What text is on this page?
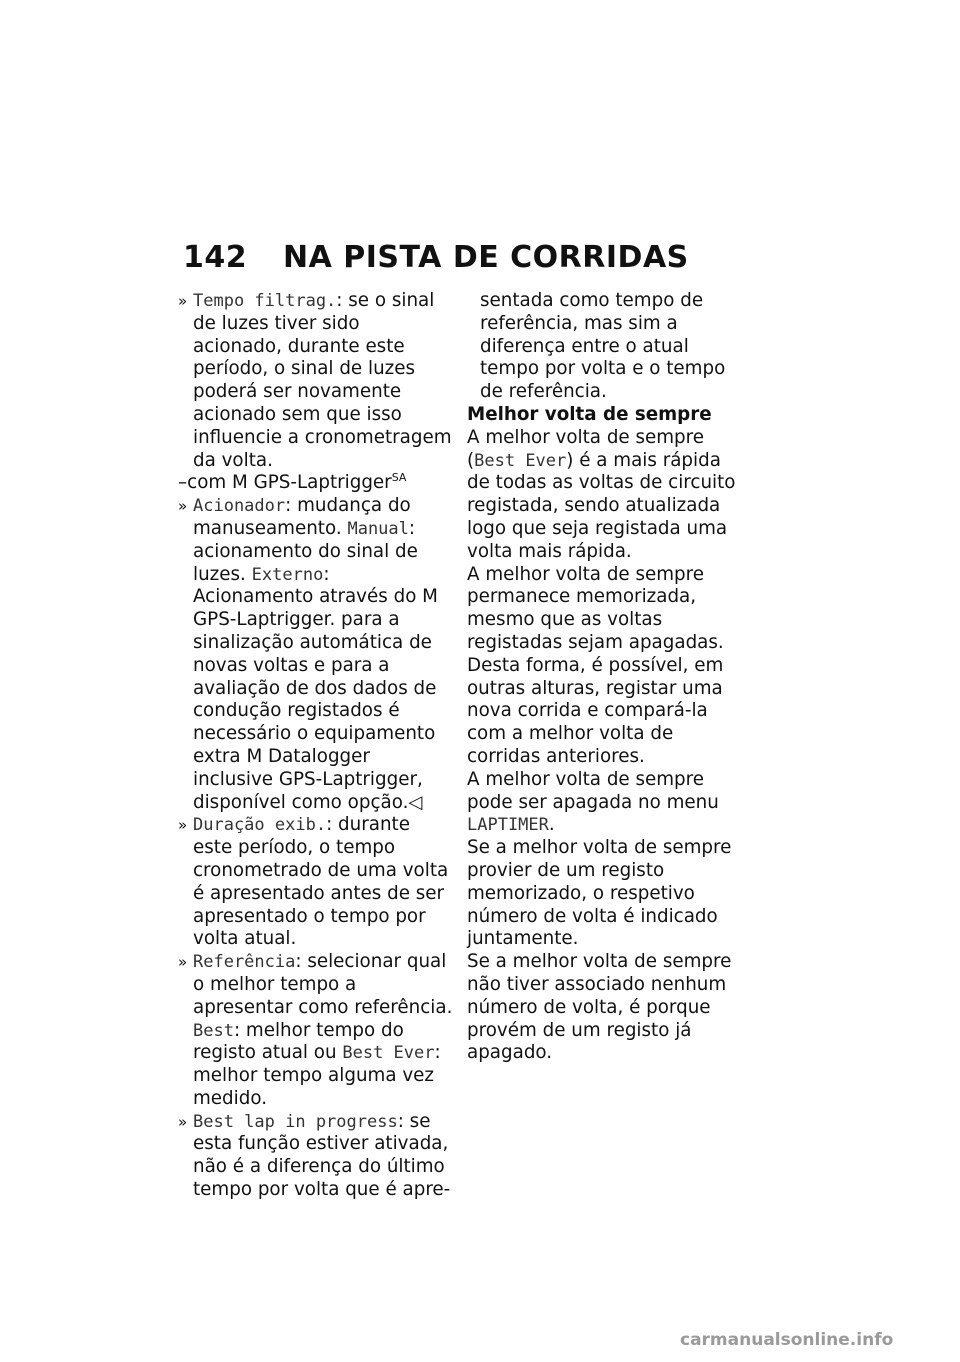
142 NA PISTA DE CORRIDAS
» Tempo filtrag.: se o sinal de luzes tiver sido acionado, durante este período, o sinal de luzes poderá ser novamente acionado sem que isso influencie a cronometragem da volta.
–com M GPS-Laptrigger$^{SA}$
» Acionador: mudança do manuseamento. Manual: acionamento do sinal de luzes. Externo: Acionamento através do M GPS-Laptrigger. para a sinalização automática de novas voltas e para a avaliação de dos dados de condução registados é necessário o equipamento extra M Datalogger inclusive GPS-Laptrigger, disponível como opção.◁
» Duração exib.: durante este período, o tempo cronometrado de uma volta é apresentado antes de ser apresentado o tempo por volta atual.
» Referência: selecionar qual o melhor tempo a apresentar como referência. Best: melhor tempo do registo atual ou Best Ever: melhor tempo alguma vez medido.
» Best lap in progress: se esta função estiver ativada, não é a diferença do último tempo por volta que é apre-

sentada como tempo de referência, mas sim a diferença entre o atual tempo por volta e o tempo de referência.

Melhor volta de sempre

A melhor volta de sempre (Best Ever) é a mais rápida de todas as voltas de circuito registada, sendo atualizada logo que seja registada uma volta mais rápida.

A melhor volta de sempre permanece memorizada, mesmo que as voltas registadas sejam apagadas. Desta forma, é possível, em outras alturas, registar uma nova corrida e compará-la com a melhor volta de corridas anteriores.

A melhor volta de sempre pode ser apagada no menu LAPTIMER.

Se a melhor volta de sempre provier de um registo memorizado, o respetivo número de volta é indicado juntamente.

Se a melhor volta de sempre não tiver associado nenhum número de volta, é porque provém de um registo já apagado.

carmanualsonline.info
